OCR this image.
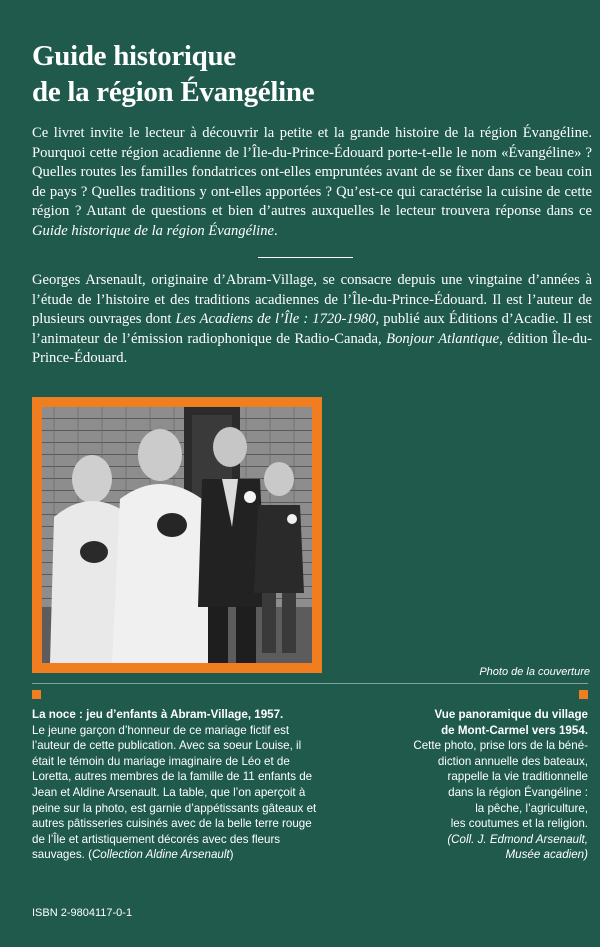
Guide historique
de la région Évangéline

Ce livret invite le lecteur à découvrir la petite et la grande histoire de la région Évangéline. Pourquoi cette région acadienne de l’Île-du-Prince-Édouard porte-t-elle le nom «Évangéline» ? Quelles routes les familles fondatrices ont-elles empruntées avant de se fixer dans ce beau coin de pays ? Quelles traditions y ont-elles apportées ? Qu’est-ce qui caractérise la cuisine de cette région ? Autant de questions et bien d’autres auxquelles le lecteur trouvera réponse dans ce Guide historique de la région Évangéline.

Georges Arsenault, originaire d’Abram-Village, se consacre depuis une vingtaine d’années à l’étude de l’histoire et des traditions acadiennes de l’Île-du-Prince-Édouard. Il est l’auteur de plusieurs ouvrages dont Les Acadiens de l’Île : 1720-1980, publié aux Éditions d’Acadie. Il est l’animateur de l’émission radiophonique de Radio-Canada, Bonjour Atlantique, édition Île-du-Prince-Édouard.

Photo de la couverture
La noce : jeu d’enfants à Abram-Village, 1957.
Le jeune garçon d’honneur de ce mariage fictif est l’auteur de cette publication. Avec sa soeur Louise, il était le témoin du mariage imaginaire de Léo et de Loretta, autres membres de la famille de 11 enfants de Jean et Aldine Arsenault. La table, que l’on aperçoit à peine sur la photo, est garnie d’appétissants gâteaux et autres pâtisseries cuisinés avec de la belle terre rouge de l’Île et artistiquement décorés avec des fleurs sauvages. (Collection Aldine Arsenault)
Vue panoramique du village
de Mont-Carmel vers 1954.
Cette photo, prise lors de la béné-
diction annuelle des bateaux,
rappelle la vie traditionnelle
dans la région Évangéline :
la pêche, l’agriculture,
les coutumes et la religion.
(Coll. J. Edmond Arsenault,
Musée acadien)
ISBN 2-9804117-0-1
